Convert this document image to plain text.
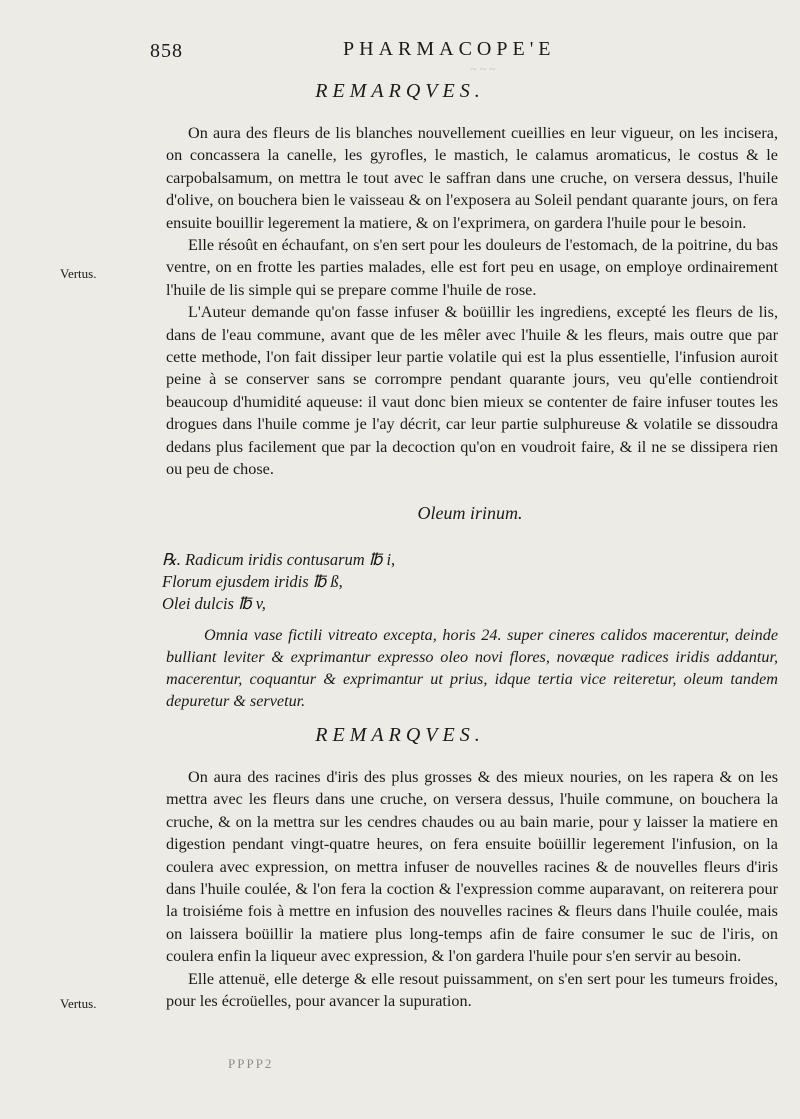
~ ~ ~
858	PHARMACOPE'E
REMARQVES.

On aura des fleurs de lis blanches nouvellement cueillies en leur vigueur, on les incisera, on concassera la canelle, les gyrofles, le mastich, le calamus aromaticus, le costus & le carpobalsamum, on mettra le tout avec le saffran dans une cruche, on versera dessus, l'huile d'olive, on bouchera bien le vaisseau & on l'exposera au Soleil pendant quarante jours, on fera ensuite bouillir legerement la matiere, & on l'exprimera, on gardera l'huile pour le besoin.

Elle résoût en échaufant, on s'en sert pour les douleurs de l'estomach, de la poitrine, du bas ventre, on en frotte les parties malades, elle est fort peu en usage, on employe ordinairement l'huile de lis simple qui se prepare comme l'huile de rose.

L'Auteur demande qu'on fasse infuser & boüillir les ingrediens, excepté les fleurs de lis, dans de l'eau commune, avant que de les mêler avec l'huile & les fleurs, mais outre que par cette methode, l'on fait dissiper leur partie volatile qui est la plus essentielle, l'infusion auroit peine à se conserver sans se corrompre pendant quarante jours, veu qu'elle contiendroit beaucoup d'humidité aqueuse: il vaut donc bien mieux se contenter de faire infuser toutes les drogues dans l'huile comme je l'ay décrit, car leur partie sulphureuse & volatile se dissoudra dedans plus facilement que par la decoction qu'on en voudroit faire, & il ne se dissipera rien ou peu de chose.

Vertus.
Oleum irinum.
℞. Radicum iridis contusarum ℔ i,
Florum ejusdem iridis ℔ ß,
Olei dulcis ℔ v,

Omnia vase fictili vitreato excepta, horis 24. super cineres calidos macerentur, deinde bulliant leviter & exprimantur expresso oleo novi flores, novæque radices iridis addantur, macerentur, coquantur & exprimantur ut prius, idque tertia vice reiteretur, oleum tandem depuretur & servetur.

REMARQVES.

On aura des racines d'iris des plus grosses & des mieux nouries, on les rapera & on les mettra avec les fleurs dans une cruche, on versera dessus, l'huile commune, on bouchera la cruche, & on la mettra sur les cendres chaudes ou au bain marie, pour y laisser la matiere en digestion pendant vingt-quatre heures, on fera ensuite boüillir legerement l'infusion, on la coulera avec expression, on mettra infuser de nouvelles racines & de nouvelles fleurs d'iris dans l'huile coulée, & l'on fera la coction & l'expression comme auparavant, on reiterera pour la troisiéme fois à mettre en infusion des nouvelles racines & fleurs dans l'huile coulée, mais on laissera boüillir la matiere plus long-temps afin de faire consumer le suc de l'iris, on coulera enfin la liqueur avec expression, & l'on gardera l'huile pour s'en servir au besoin.

Elle attenuë, elle deterge & elle resout puissamment, on s'en sert pour les tumeurs froides, pour les écroüelles, pour avancer la supuration.

Vertus.
PPPP2
